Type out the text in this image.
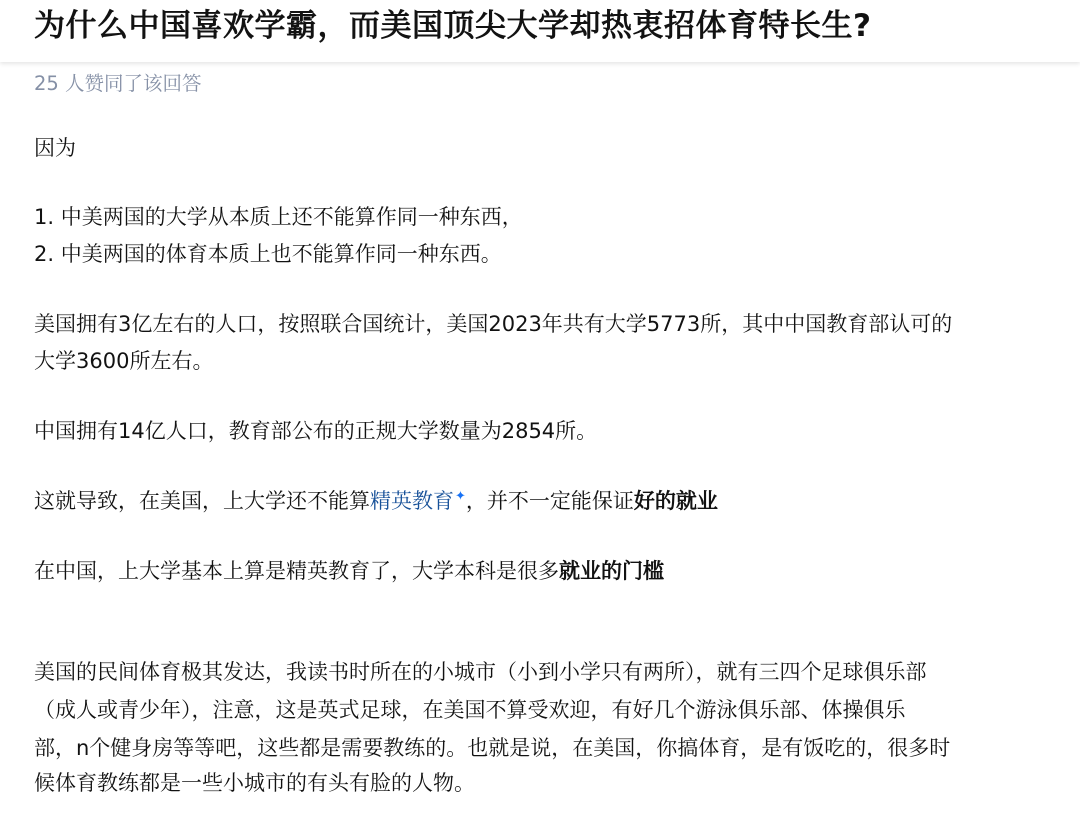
为什么中国喜欢学霸，而美国顶尖大学却热衷招体育特长生?
25 人赞同了该回答

因为

1. 中美两国的大学从本质上还不能算作同一种东西，

2. 中美两国的体育本质上也不能算作同一种东西。

美国拥有3亿左右的人口，按照联合国统计，美国2023年共有大学5773所，其中中国教育部认可的

大学3600所左右。

中国拥有14亿人口，教育部公布的正规大学数量为2854所。

这就导致，在美国，上大学还不能算精英教育✦，并不一定能保证好的就业

在中国，上大学基本上算是精英教育了，大学本科是很多就业的门槛

美国的民间体育极其发达，我读书时所在的小城市（小到小学只有两所），就有三四个足球俱乐部

（成人或青少年），注意，这是英式足球，在美国不算受欢迎，有好几个游泳俱乐部、体操俱乐

部，n个健身房等等吧，这些都是需要教练的。也就是说，在美国，你搞体育，是有饭吃的，很多时

候体育教练都是一些小城市的有头有脸的人物。
